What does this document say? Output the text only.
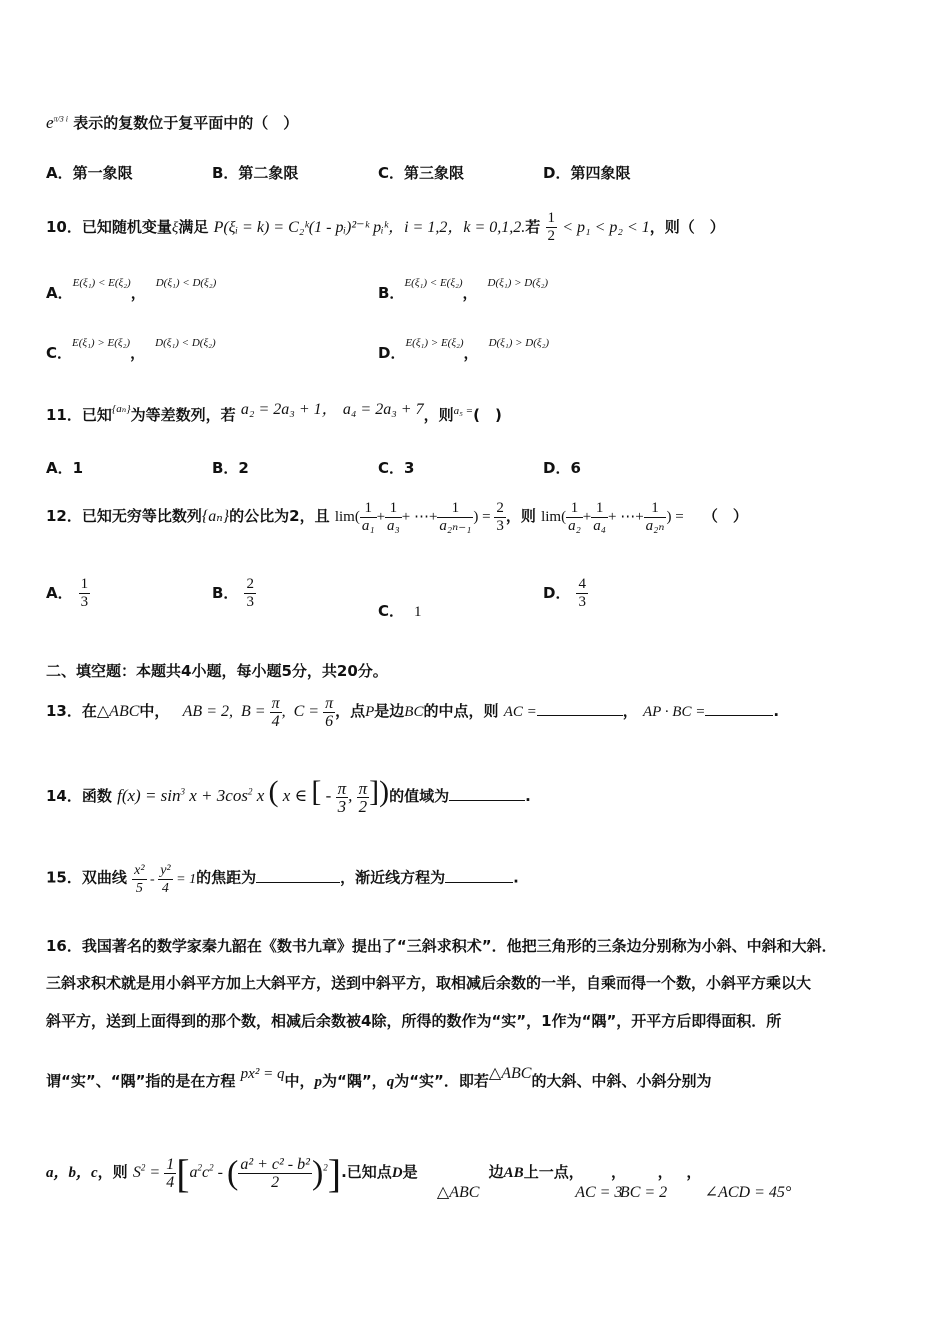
$e^{\pi/3 i}$ 表示的复数位于复平面中的（　）
A．第一象限	B．第二象限	C．第三象限	D．第四象限
10．已知随机变量ξ满足 P(ξᵢ = k) = C₂ᵏ(1 - pᵢ)²⁻ᵏ pᵢᵏ，i = 1,2，k = 0,1,2.若 $\frac{1}{2} < p_1 < p_2 < 1$，则（　）
A．$^{E(\xi_1) < E(\xi_2)}$，$^{D(\xi_1) < D(\xi_2)}$
B．$^{E(\xi_1) < E(\xi_2)}$，$^{D(\xi_1) > D(\xi_2)}$
C．$^{E(\xi_1) > E(\xi_2)}$，$^{D(\xi_1) < D(\xi_2)}$
D．$^{E(\xi_1) > E(\xi_2)}$，$^{D(\xi_1) > D(\xi_2)}$
11．已知$^{\{a_n\}}$为等差数列，若 a₂ = 2a₃ + 1， a₄ = 2a₃ + 7，则$^{a_5 =}$(　)
A．1	B．2	C．3	D．6
12．已知无穷等比数列{aₙ}的公比为2，且 $\lim( \frac{1}{\text{a₁}} + \frac{1}{\text{a₃}}$ + ⋯+ $\frac{1}{\text{a₂ₙ₋₁}}$ ) = $\frac{2}{3}$ ，则 $\lim( \frac{1}{\text{a₂}} + \frac{1}{\text{a₄}}$ + ⋯+ $\frac{1}{\text{a₂ₙ}}$ ) = （　）
A． $\frac{1}{3}$	B． $\frac{2}{3}$	C． 1
D． $\frac{4}{3}$
二、填空题：本题共4小题，每小题5分，共20分。
13．在△ABC中， AB = 2,  $B = \frac{\pi}{4}$ ,  $C = \frac{\pi}{6}$ ，点P是边BC的中点，则 AC =	， AP · BC =	.
14．函数 $f(x) = \sin^3 x + 3\cos^2$ x ( x ∈ [ - $\frac{\pi}{3}$ , $\frac{\pi}{2}$ ])的值域为	.
15．双曲线 $\frac{\text{x²}}{5} - \frac{\text{y²}}{4} = 1$的焦距为	，渐近线方程为	.
16．我国著名的数学家秦九韶在《数书九章》提出了“三斜求积术”．他把三角形的三条边分别称为小斜、中斜和大斜．
三斜求积术就是用小斜平方加上大斜平方，送到中斜平方，取相减后余数的一半，自乘而得一个数，小斜平方乘以大
斜平方，送到上面得到的那个数，相减后余数被4除，所得的数作为“实”，1作为“隅”，开平方后即得面积．所
谓“实”、“隅”指的是在方程 px² = q中，p为“隅”，q为“实”．即若△ABC的大斜、中斜、小斜分别为
a，b，c，则 $S^2 = \frac{1}{4} [a^2c^2$ - ( $\frac{\text{a² + c² - b²}}{2} )^2$].已知点D是 △ABC 边AB上一点， ， AC = 3 ， BC = 2 ， ∠ACD = 45°
